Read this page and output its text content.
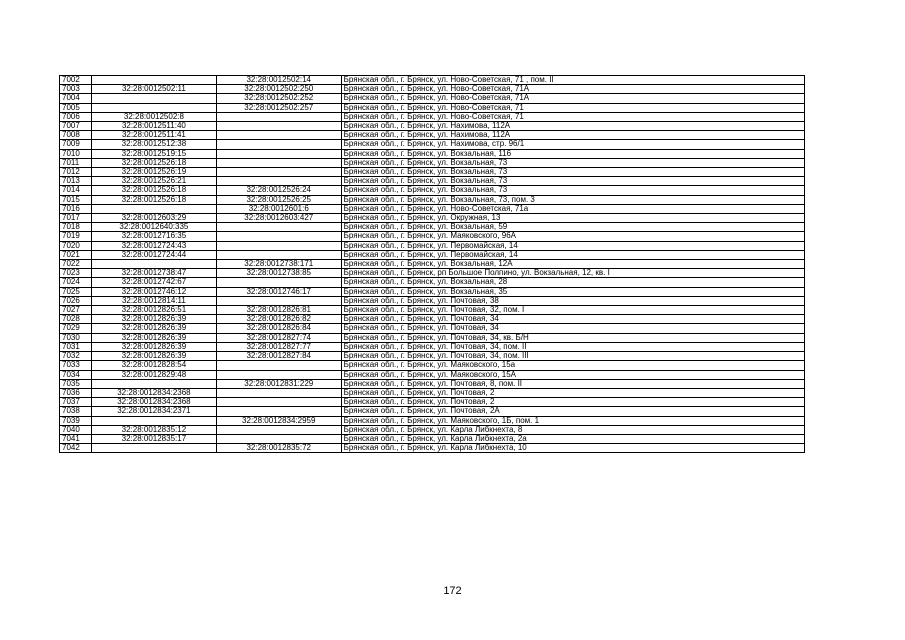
7002		32:28:0012502:14	Брянская обл., г. Брянск, ул. Ново-Советская, 71 , пом. II
7003	32:28:0012502:11	32:28:0012502:250	Брянская обл., г. Брянск, ул. Ново-Советская, 71А
7004		32:28:0012502:252	Брянская обл., г. Брянск, ул. Ново-Советская, 71А
7005		32:28:0012502:257	Брянская обл., г. Брянск, ул. Ново-Советская, 71
7006	32:28:0012502:8		Брянская обл., г. Брянск, ул. Ново-Советская, 71
7007	32:28:0012511:40		Брянская обл., г. Брянск, ул. Нахимова, 112А
7008	32:28:0012511:41		Брянская обл., г. Брянск, ул. Нахимова, 112А
7009	32:28:0012512:38		Брянская обл., г. Брянск, ул. Нахимова, стр. 96/1
7010	32:28:0012519:15		Брянская обл., г. Брянск, ул. Вокзальная, 116
7011	32:28:0012526:18		Брянская обл., г. Брянск, ул. Вокзальная, 73
7012	32:28:0012526:19		Брянская обл., г. Брянск, ул. Вокзальная, 73
7013	32:28:0012526:21		Брянская обл., г. Брянск, ул. Вокзальная, 73
7014	32:28:0012526:18	32:28:0012526:24	Брянская обл., г. Брянск, ул. Вокзальная, 73
7015	32:28:0012526:18	32:28:0012526:25	Брянская обл., г. Брянск, ул. Вокзальная, 73, пом. 3
7016		32:28:0012601:6	Брянская обл., г. Брянск, ул. Ново-Советская, 71а
7017	32:28:0012603:29	32:28:0012603:427	Брянская обл., г. Брянск, ул. Окружная, 13
7018	32:28:0012640:335		Брянская обл., г. Брянск, ул. Вокзальная, 59
7019	32:28:0012716:35		Брянская обл., г. Брянск, ул. Маяковского, 96А
7020	32:28:0012724:43		Брянская обл., г. Брянск, ул. Первомайская, 14
7021	32:28:0012724:44		Брянская обл., г. Брянск, ул. Первомайская, 14
7022		32:28:0012738:171	Брянская обл., г. Брянск, ул. Вокзальная, 12А
7023	32:28:0012738:47	32:28:0012738:85	Брянская обл., г. Брянск, рп Большое Полпино, ул. Вокзальная, 12, кв. I
7024	32:28:0012742:67		Брянская обл., г. Брянск, ул. Вокзальная, 28
7025	32:28:0012746:12	32:28:0012746:17	Брянская обл., г. Брянск, ул. Вокзальная, 35
7026	32:28:0012814:11		Брянская обл., г. Брянск, ул. Почтовая, 38
7027	32:28:0012826:51	32:28:0012826:81	Брянская обл., г. Брянск, ул. Почтовая, 32, пом. I
7028	32:28:0012826:39	32:28:0012826:82	Брянская обл., г. Брянск, ул. Почтовая, 34
7029	32:28:0012826:39	32:28:0012826:84	Брянская обл., г. Брянск, ул. Почтовая, 34
7030	32:28:0012826:39	32:28:0012827:74	Брянская обл., г. Брянск, ул. Почтовая, 34, кв. Б/Н
7031	32:28:0012826:39	32:28:0012827:77	Брянская обл., г. Брянск, ул. Почтовая, 34, пом. II
7032	32:28:0012826:39	32:28:0012827:84	Брянская обл., г. Брянск, ул. Почтовая, 34, пом. III
7033	32:28:0012828:54		Брянская обл., г. Брянск, ул. Маяковского, 15а
7034	32:28:0012829:48		Брянская обл., г. Брянск, ул. Маяковского, 15А
7035		32:28:0012831:229	Брянская обл., г. Брянск, ул. Почтовая, 8, пом. II
7036	32:28:0012834:2368		Брянская обл., г. Брянск, ул. Почтовая, 2
7037	32:28:0012834:2368		Брянская обл., г. Брянск, ул. Почтовая, 2
7038	32:28:0012834:2371		Брянская обл., г. Брянск, ул. Почтовая, 2А
7039		32:28:0012834:2959	Брянская обл., г. Брянск, ул. Маяковского, 1Б, пом. 1
7040	32:28:0012835:12		Брянская обл., г. Брянск, ул. Карла Либкнехта, 8
7041	32:28:0012835:17		Брянская обл., г. Брянск, ул. Карла Либкнехта, 2а
7042		32:28:0012835:72	Брянская обл., г. Брянск, ул. Карла Либкнехта, 10
172
